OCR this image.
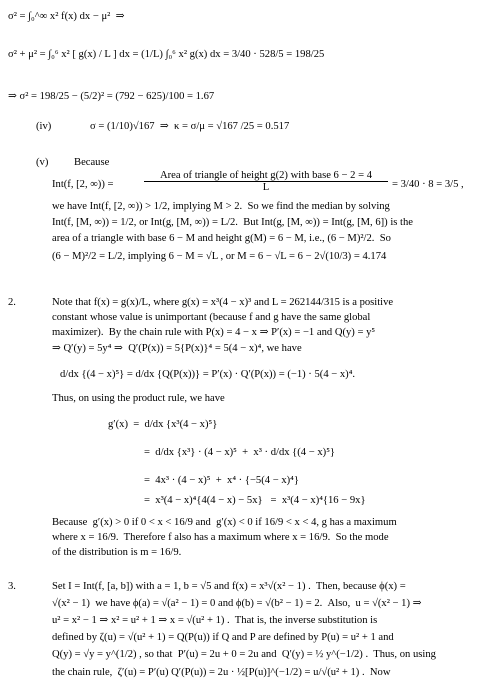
σ² = ∫₀^∞ x² f(x) dx − μ²  ⇒
σ² + μ² = ∫₀⁶ x² [ g(x) / L ] dx = (1/L) ∫₀⁶ x² g(x) dx = 3/40 · 528/5 = 198/25
⇒ σ² = 198/25 − (5/2)² = (792 − 625)/100 = 1.67
(iv)	σ = (1/10)√167  ⇒  κ = σ/μ = √167 /25 = 0.517
(v) Because
Int(f, [2, ∞)) =
Area of triangle of height g(2) with base 6 − 2 = 4
L	= 3/40 · 8 = 3/5 ,
we have Int(f, [2, ∞)) > 1/2, implying M > 2.  So we find the median by solving
Int(f, [M, ∞)) = 1/2, or Int(g, [M, ∞)) = L/2.  But Int(g, [M, ∞)) = Int(g, [M, 6]) is the
area of a triangle with base 6 − M and height g(M) = 6 − M, i.e., (6 − M)²/2.  So
(6 − M)²/2 = L/2, implying 6 − M = √L , or M = 6 − √L = 6 − 2√(10/3) = 4.174
2.	Note that f(x) = g(x)/L, where g(x) = x³(4 − x)³ and L = 262144/315 is a positive
constant whose value is unimportant (because f and g have the same global
maximizer).  By the chain rule with P(x) = 4 − x ⇒ P′(x) = −1 and Q(y) = y⁵
⇒ Q′(y) = 5y⁴ ⇒  Q′(P(x)) = 5{P(x)}⁴ = 5(4 − x)⁴, we have
d/dx {(4 − x)⁵} = d/dx {Q(P(x))} = P′(x) · Q′(P(x)) = (−1) · 5(4 − x)⁴.
Thus, on using the product rule, we have
g′(x)  =  d/dx {x³(4 − x)⁵}
=  d/dx {x³} · (4 − x)⁵  +  x³ · d/dx {(4 − x)⁵}
=  4x³ · (4 − x)⁵  +  x⁴ · {−5(4 − x)⁴}
=  x³(4 − x)⁴{4(4 − x) − 5x}   =  x³(4 − x)⁴{16 − 9x}
Because  g′(x) > 0 if 0 < x < 16/9 and  g′(x) < 0 if 16/9 < x < 4, g has a maximum
where x = 16/9.  Therefore f also has a maximum where x = 16/9.  So the mode
of the distribution is m = 16/9.
3.	Set I = Int(f, [a, b]) with a = 1, b = √5 and f(x) = x³√(x² − 1) .  Then, because ϕ(x) =
√(x² − 1)  we have ϕ(a) = √(a² − 1) = 0 and ϕ(b) = √(b² − 1) = 2.  Also,  u = √(x² − 1) ⇒
u² = x² − 1 ⇒ x² = u² + 1 ⇒ x = √(u² + 1) .  That is, the inverse substitution is
defined by ζ(u) = √(u² + 1) = Q(P(u)) if Q and P are defined by P(u) = u² + 1 and
Q(y) = √y = y^(1/2) , so that  P′(u) = 2u + 0 = 2u and  Q′(y) = ½ y^(−1/2) .  Thus, on using
the chain rule,  ζ′(u) = P′(u) Q′(P(u)) = 2u · ½[P(u)]^(−1/2) = u/√(u² + 1) .  Now
